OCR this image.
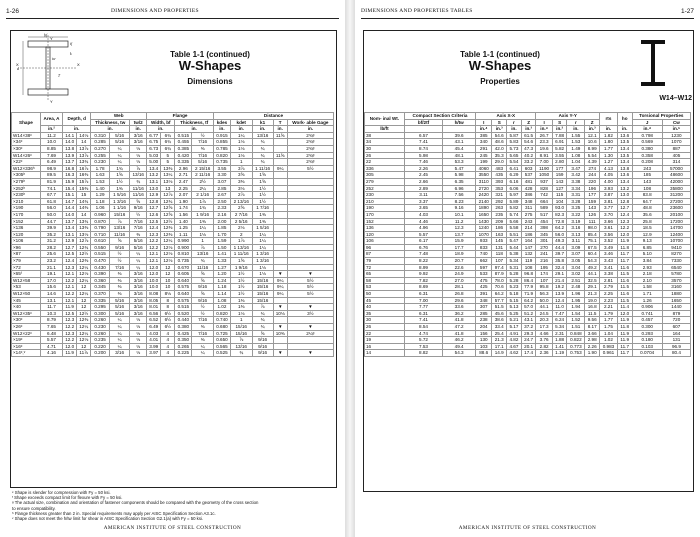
1-26	DIMENSIONS AND PROPERTIES
bf
d
X	X
Y
Y
tf
tw
k
T
Table 1-1 (continued)
W-Shapes
Dimensions
Shape	Area, A	Depth, d		Web			Flange				Distance				
				Thickness, tw		tw/2	Width, bf		Thickness, tf		kdes	kdet	k1	T	Work- able Gage
	in.²	in.		in.		in.	in.		in.		in.	in.	in.	in.	in.
W14×38ᶜ	11.2	14.1	14⅛	0.310	5/16	3/16	6.77	6¾	0.515	½	0.915	1¼	13/16	11⅝	2¾ᵍ
×34ᶜ	10.0	14.0	14	0.285	5/16	3/16	6.75	6¾	0.455	7/16	0.855	1⅛	¾		2¾ᵍ
×30ᶜ	8.85	13.8	13⅞	0.270	¼	⅛	6.73	6¾	0.385	⅜	0.785	1⅛	¾		2¾ᵍ
W14×26ᶜ	7.69	13.9	13⅞	0.255	¼	⅛	5.03	5	0.420	7/16	0.820	1⅛	¾	11⅝	2¾ᵍ
×22ᶜ	6.49	13.7	13¾	0.230	¼	⅛	5.00	5	0.335	5/16	0.735	1	¾		2¾ᵍ
W12×336ʰ	98.9	16.8	16⅞	1.78	1¾	⅞	13.4	13⅜	2.96	2 15/16	3.55	3⅞	1 11/16	9¼	5½
×305ʰ	89.5	16.3	16⅜	1.63	1⅝	13/16	13.2	13¼	2.71	2 11/16	3.30	3⅝	1⅝		
×279ʰ	81.9	15.9	15⅞	1.53	1½	¾	13.1	13⅛	2.47	2½	3.07	3⅜	1⅝		
×252ʰ	74.1	15.4	15⅜	1.40	1⅜	11/16	13.0	13	2.25	2¼	2.85	3⅛	1½		
×230ʰ	67.7	15.1	15	1.29	1 5/16	11/16	12.9	12⅞	2.07	2 1/16	2.67	2⅞	1½		
×210	61.8	14.7	14¾	1.18	1 3/16	⅝	12.8	12¾	1.90	1⅞	2.50	2 13/16	1½		
×190	56.0	14.4	14⅜	1.06	1 1/16	9/16	12.7	12⅝	1.74	1¾	2.33	2⅝	1 7/16		
×170	50.0	14.0	14	0.960	15/16	½	12.6	12⅝	1.56	1 9/16	2.16	2 7/16	1⅜		
×152	44.7	13.7	13¾	0.870	⅞	7/16	12.5	12½	1.40	1⅜	2.00	2 5/16	1⅜		
×136	39.9	13.4	13⅜	0.790	13/16	7/16	12.4	12⅜	1.25	1¼	1.85	2⅛	1 5/16		
×120	35.2	13.1	13⅛	0.710	11/16	⅜	12.3	12⅜	1.11	1⅛	1.70	2	1¼		
×106	31.2	12.9	12⅞	0.610	⅝	5/16	12.2	12¼	0.990	1	1.59	1⅞	1¼		
×96	28.2	12.7	12¾	0.550	9/16	5/16	12.2	12⅛	0.900	⅞	1.50	1 13/16	1¼		
×87	25.6	12.5	12½	0.515	½	¼	12.1	12⅛	0.810	13/16	1.41	1 11/16	1 3/16		
×79	23.2	12.4	12⅜	0.470	½	¼	12.1	12⅛	0.735	¾	1.33	1⅝	1 3/16		
×72	21.1	12.3	12¼	0.430	7/16	¼	12.0	12	0.670	11/16	1.27	1 9/16	1⅛		
×65ᶠ	19.1	12.1	12⅛	0.390	⅜	3/16	12.0	12	0.605	⅝	1.20	1½	1⅛	▼	▼
W12×58	17.0	12.2	12¼	0.360	⅜	3/16	10.0	10	0.640	⅝	1.24	1½	15/16	9¼	5½
×53	15.6	12.1	12	0.345	⅜	3/16	10.0	10	0.575	9/16	1.18	1½	15/16	9¼	5½
W12×50	14.6	12.2	12¼	0.370	⅜	3/16	8.08	8⅛	0.640	⅝	1.14	1½	15/16	9¼	5½
×45	13.1	12.1	12	0.335	5/16	3/16	8.05	8	0.575	9/16	1.08	1⅜	15/16		
×40	11.7	11.9	12	0.295	5/16	3/16	8.01	8	0.515	½	1.02	1⅜	⅞	▼	▼
W12×35ᶜ	10.3	12.5	12½	0.300	5/16	3/16	6.56	6½	0.520	½	0.820	1⅛	¾	10⅛	3½
×30ᶜ	8.79	12.3	12⅜	0.260	¼	⅛	6.52	6½	0.440	7/16	0.740	1	¾		
×26ᶜ	7.65	12.2	12¼	0.230	¼	⅛	6.49	6½	0.380	⅜	0.680	15/16	¾	▼	▼
W12×22ᶜ	6.48	12.3	12¼	0.260	¼	⅛	4.03	4	0.425	7/16	0.725	15/16	⅝	10⅜	2¼ᵍ
×19ᶜ	5.57	12.2	12⅛	0.235	¼	⅛	4.01	4	0.350	⅜	0.650	⅞	9/16		
×16ᶜ	4.71	12.0	12	0.220	¼	⅛	3.99	4	0.265	¼	0.565	13/16	9/16		
×14ᶜ,ᵛ	4.16	11.9	11⅞	0.200	3/16	⅛	3.97	4	0.225	¼	0.525	¾	9/16	▼	▼
ᶜ Shape is slender for compression with Fy = 50 ksi.
ᶠ Shape exceeds compact limit for flexure with Fy = 50 ksi.
ᵍ The actual size, combination and orientation of fastener components should be compared with the geometry of the cross section
to ensure compatibility.
ʰ Flange thickness greater than 2 in. Special requirements may apply per AISC Specification Section A3.1c.
ᵛ Shape does not meet the h/tw limit for shear in AISC Specification Section G2.1(a) with Fy = 50 ksi.
AMERICAN INSTITUTE OF STEEL CONSTRUCTION
DIMENSIONS AND PROPERTIES TABLES	1-27
Table 1-1 (continued)
W-Shapes
Properties
W14–W12
Nom- inal Wt.	Compact Section Criteria		Axis X-X				Axis Y-Y				rts	ho	Torsional Properties	
	bf/2tf	h/tw	I	S	r	Z	I	S	r	Z			J	Cw
lb/ft			in.⁴	in.³	in.	in.³	in.⁴	in.³	in.	in.³	in.	in.	in.⁴	in.⁶
38	6.57	39.6	385	54.6	5.87	61.5	26.7	7.88	1.55	12.1	1.82	13.6	0.798	1230
34	7.41	43.1	340	48.6	5.83	54.6	23.3	6.91	1.53	10.6	1.80	13.5	0.569	1070
30	8.74	45.4	291	42.0	5.73	47.3	19.6	5.82	1.49	8.99	1.77	13.4	0.380	887
26	5.98	48.1	245	35.3	5.65	40.2	8.91	3.55	1.08	5.54	1.30	13.5	0.358	405
22	7.46	53.3	199	29.0	5.54	33.2	7.00	2.80	1.04	4.39	1.27	13.4	0.208	314
336	2.26	5.47	4060	483	6.41	603	1190	177	3.47	274	4.13	13.8	243	57000
305	2.45	5.98	3550	435	6.29	537	1050	159	3.42	244	4.05	13.6	185	48600
279	2.66	6.35	3110	393	6.16	481	937	143	3.38	220	4.00	13.4	143	42000
252	2.89	6.96	2720	353	6.06	428	828	127	3.34	196	3.93	13.2	108	35800
230	3.11	7.56	2420	321	5.97	386	742	115	3.31	177	3.87	13.0	83.8	31200
210	3.37	8.23	2140	292	5.89	348	664	104	3.28	159	3.81	12.8	64.7	27200
190	3.65	9.16	1890	263	5.82	311	589	93.0	3.25	143	3.77	12.7	48.8	23600
170	4.03	10.1	1650	235	5.74	275	517	82.3	3.22	126	3.70	12.4	35.6	20100
152	4.46	11.2	1430	209	5.66	243	454	72.8	3.19	111	3.66	12.3	25.8	17200
136	4.96	12.3	1240	186	5.58	214	398	64.2	3.16	98.0	3.61	12.2	18.5	14700
120	5.57	13.7	1070	163	5.51	186	345	56.0	3.13	85.4	3.56	12.0	12.9	12400
106	6.17	15.9	933	145	5.47	164	301	49.3	3.11	75.1	3.52	11.9	9.13	10700
96	6.76	17.7	833	131	5.44	147	270	44.4	3.09	67.5	3.49	11.8	6.85	9410
87	7.48	18.9	740	118	5.38	132	241	39.7	3.07	60.4	3.46	11.7	5.10	8270
79	8.22	20.7	662	107	5.34	119	216	35.8	3.05	54.3	3.43	11.7	3.84	7330
72	8.99	22.6	597	97.4	5.31	108	195	32.4	3.04	49.2	3.41	11.6	2.93	6540
65	9.92	24.9	533	87.9	5.28	96.8	174	29.1	3.02	44.1	3.38	11.5	2.18	5780
58	7.82	27.0	475	78.0	5.28	86.4	107	21.4	2.51	32.5	2.81	11.6	2.10	3570
53	8.69	28.1	425	70.6	5.23	77.9	95.8	19.2	2.48	29.1	2.79	11.5	1.58	3160
50	6.31	26.8	391	64.2	5.18	71.9	56.3	13.9	1.96	21.3	2.25	11.6	1.71	1880
45	7.00	29.6	348	57.7	5.15	64.2	50.0	12.4	1.95	19.0	2.23	11.5	1.26	1650
40	7.77	33.6	307	51.5	5.13	57.0	44.1	11.0	1.94	16.8	2.21	11.4	0.906	1440
35	6.31	36.2	285	45.6	5.25	51.2	24.5	7.47	1.54	11.5	1.79	12.0	0.741	879
30	7.41	41.8	238	38.6	5.21	43.1	20.3	6.24	1.52	9.56	1.77	11.9	0.457	720
26	8.54	47.2	204	33.4	5.17	37.2	17.3	5.34	1.51	8.17	1.75	11.8	0.300	607
22	4.74	41.8	156	25.4	4.91	29.3	4.66	2.31	0.848	3.66	1.04	11.9	0.293	164
19	5.72	46.2	130	21.3	4.82	24.7	3.76	1.88	0.822	2.98	1.02	11.9	0.180	131
16	7.53	49.4	103	17.1	4.67	20.1	2.82	1.41	0.773	2.26	0.983	11.7	0.103	96.9
14	8.82	54.3	88.6	14.9	4.62	17.4	2.36	1.19	0.753	1.90	0.961	11.7	0.0704	80.4
AMERICAN INSTITUTE OF STEEL CONSTRUCTION
